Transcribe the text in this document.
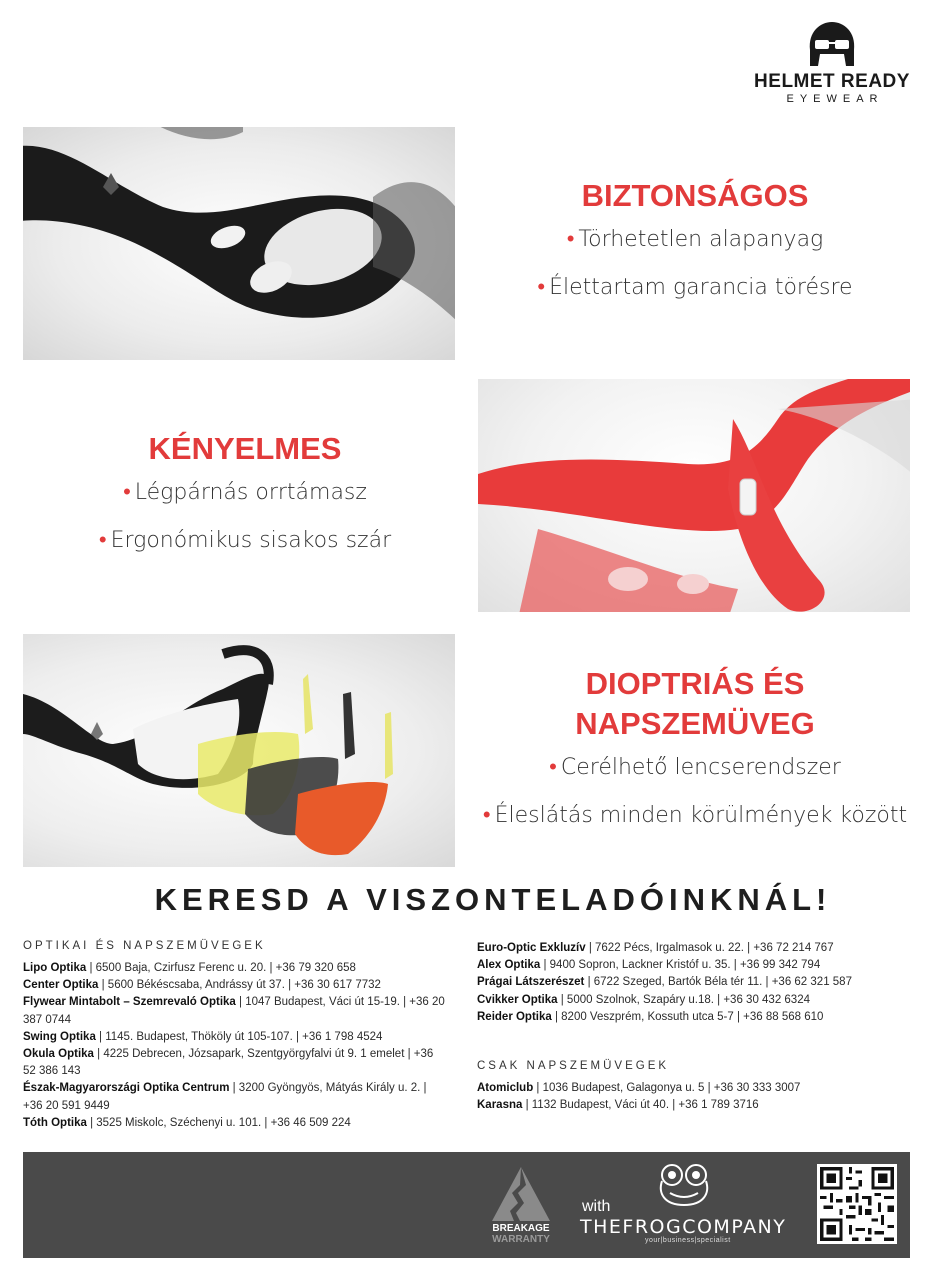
HELMET READY
EYEWEAR
BIZTONSÁGOS
• Törhetetlen alapanyag
• Élettartam garancia törésre
KÉNYELMES
• Légpárnás orrtámasz
• Ergonómikus sisakos szár
DIOPTRIÁS ÉS
NAPSZEMÜVEG
• Cerélhető lencserendszer
• Éleslátás minden körülmények között
KERESD A VISZONTELADÓINKNÁL!
OPTIKAI ÉS NAPSZEMÜVEGEK
Lipo Optika | 6500 Baja, Czirfusz Ferenc u. 20. | +36 79 320 658
Center Optika | 5600 Békéscsaba, Andrássy út 37. | +36 30 617 7732
Flywear Mintabolt – Szemrevaló Optika | 1047 Budapest, Váci út 15-19. | +36 20 387 0744
Swing Optika | 1145. Budapest, Thököly út 105-107. | +36 1 798 4524
Okula Optika | 4225 Debrecen, Józsapark, Szentgyörgyfalvi út 9. 1 emelet | +36 52 386 143
Észak-Magyarországi Optika Centrum | 3200 Gyöngyös, Mátyás Király u. 2. | +36 20 591 9449
Tóth Optika | 3525 Miskolc, Széchenyi u. 101. | +36 46 509 224
Euro-Optic Exkluzív | 7622 Pécs, Irgalmasok u. 22. | +36 72 214 767
Alex Optika | 9400 Sopron, Lackner Kristóf u. 35. | +36 99 342 794
Prágai Látszerészet | 6722 Szeged, Bartók Béla tér 11. | +36 62 321 587
Cvikker Optika | 5000 Szolnok, Szapáry u.18. | +36 30 432 6324
Reider Optika | 8200 Veszprém, Kossuth utca 5-7 | +36 88 568 610
CSAK NAPSZEMÜVEGEK
Atomiclub | 1036 Budapest, Galagonya u. 5 | +36 30 333 3007
Karasna | 1132 Budapest, Váci út 40. | +36 1 789 3716
BREAKAGE
WARRANTY
with
THEFROGCOMPANY
your|business|specialist
